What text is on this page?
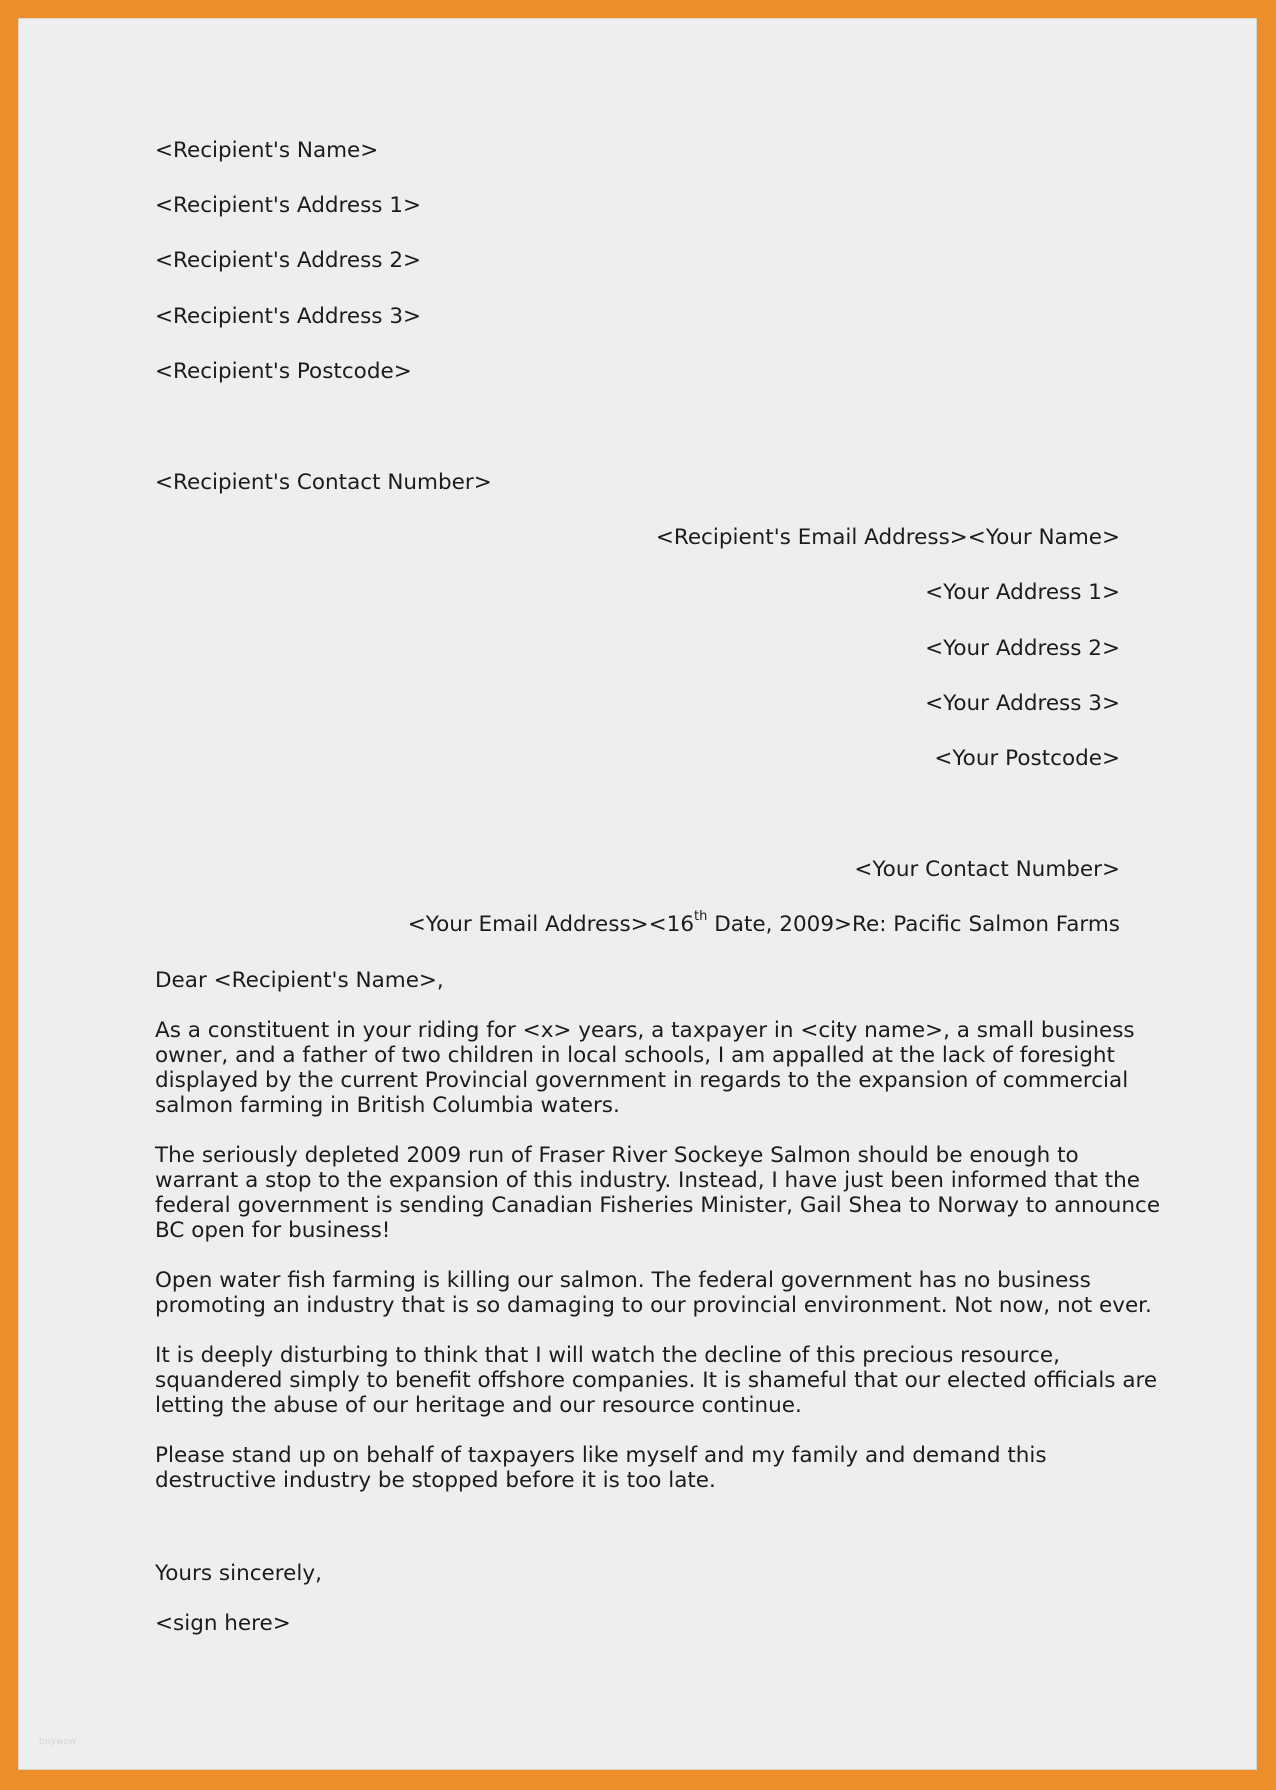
<Recipient's Name>
<Recipient's Address 1>
<Recipient's Address 2>
<Recipient's Address 3>
<Recipient's Postcode>
<Recipient's Contact Number>
<Recipient's Email Address><Your Name>
<Your Address 1>
<Your Address 2>
<Your Address 3>
<Your Postcode>
<Your Contact Number>
<Your Email Address><16th Date, 2009>Re: Pacific Salmon Farms
Dear <Recipient's Name>,
As a constituent in your riding for <x> years, a taxpayer in <city name>, a small business owner, and a father of two children in local schools, I am appalled at the lack of foresight displayed by the current Provincial government in regards to the expansion of commercial salmon farming in British Columbia waters.
The seriously depleted 2009 run of Fraser River Sockeye Salmon should be enough to warrant a stop to the expansion of this industry. Instead, I have just been informed that the federal government is sending Canadian Fisheries Minister, Gail Shea to Norway to announce BC open for business!
Open water fish farming is killing our salmon. The federal government has no business promoting an industry that is so damaging to our provincial environment. Not now, not ever.
It is deeply disturbing to think that I will watch the decline of this precious resource, squandered simply to benefit offshore companies. It is shameful that our elected officials are letting the abuse of our heritage and our resource continue.
Please stand up on behalf of taxpayers like myself and my family and demand this destructive industry be stopped before it is too late.
Yours sincerely,
<sign here>
tinywow
